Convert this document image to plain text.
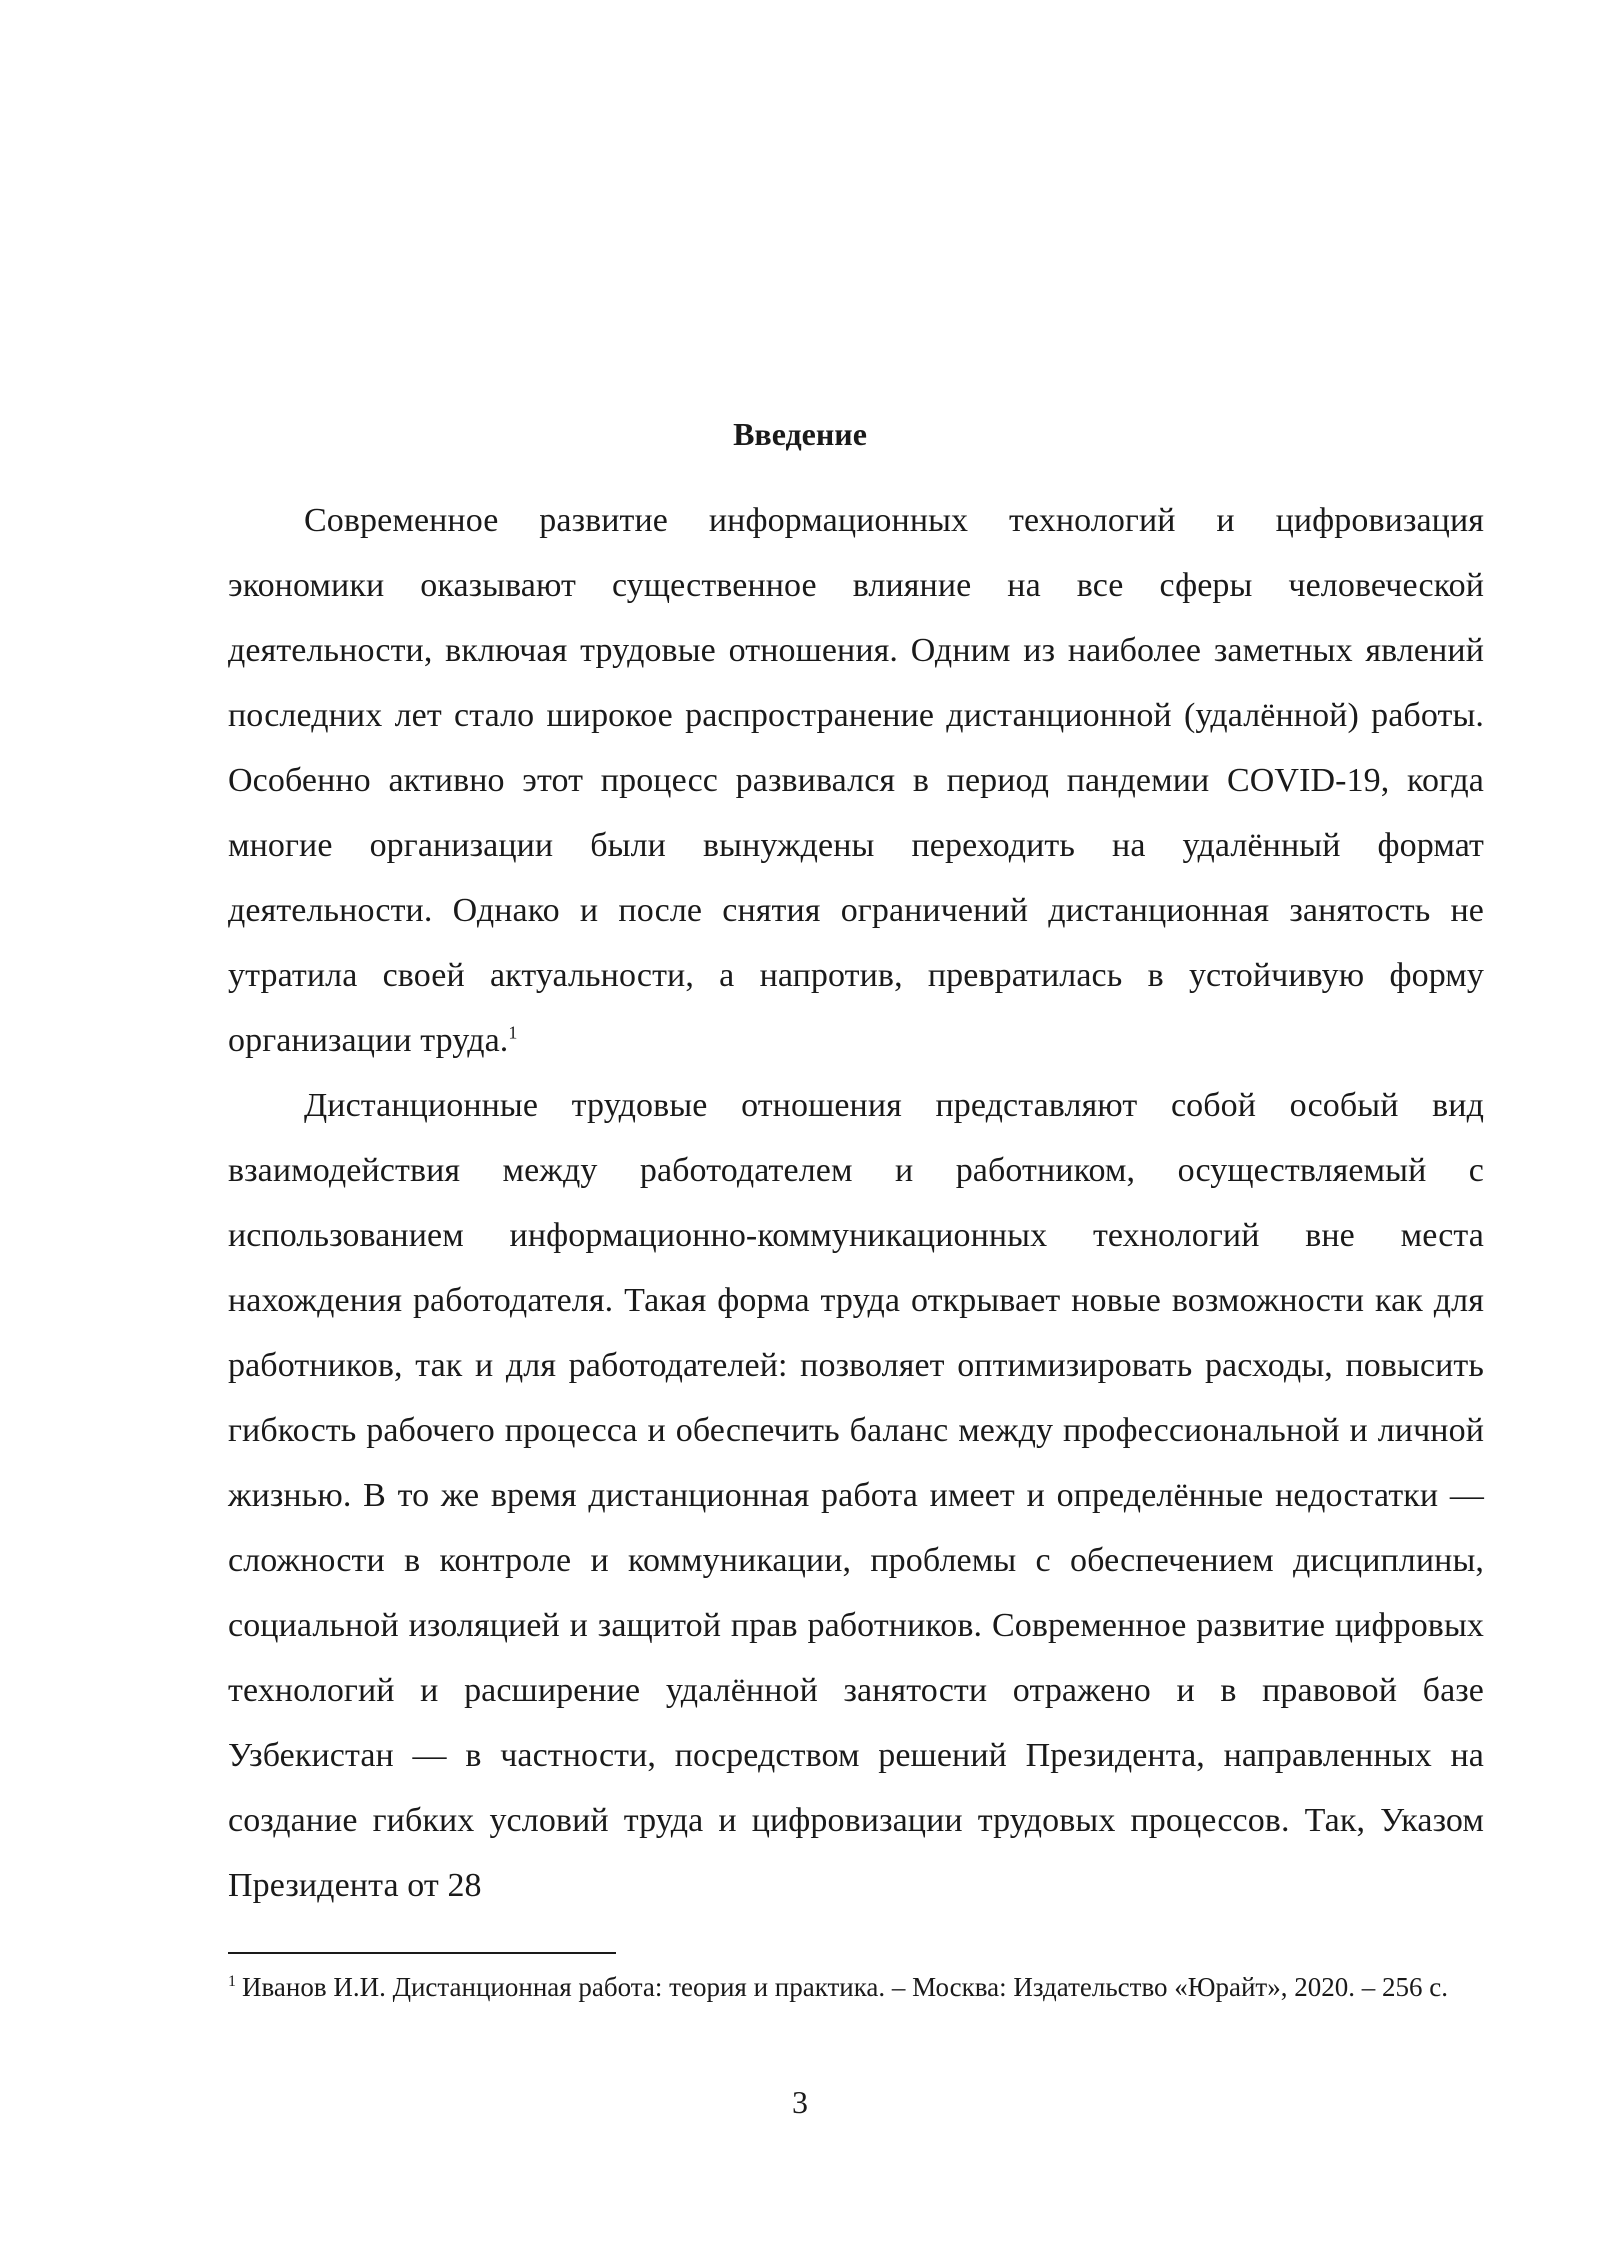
Введение

Современное развитие информационных технологий и цифровизация экономики оказывают существенное влияние на все сферы человеческой деятельности, включая трудовые отношения. Одним из наиболее заметных явлений последних лет стало широкое распространение дистанционной (удалённой) работы. Особенно активно этот процесс развивался в период пандемии COVID-19, когда многие организации были вынуждены переходить на удалённый формат деятельности. Однако и после снятия ограничений дистанционная занятость не утратила своей актуальности, а напротив, превратилась в устойчивую форму организации труда.$^1$

Дистанционные трудовые отношения представляют собой особый вид взаимодействия между работодателем и работником, осуществляемый с использованием информационно-коммуникационных технологий вне места нахождения работодателя. Такая форма труда открывает новые возможности как для работников, так и для работодателей: позволяет оптимизировать расходы, повысить гибкость рабочего процесса и обеспечить баланс между профессиональной и личной жизнью. В то же время дистанционная работа имеет и определённые недостатки — сложности в контроле и коммуникации, проблемы с обеспечением дисциплины, социальной изоляцией и защитой прав работников. Современное развитие цифровых технологий и расширение удалённой занятости отражено и в правовой базе Узбекистан — в частности, посредством решений Президента, направленных на создание гибких условий труда и цифровизации трудовых процессов. Так, Указом Президента от 28

$^1$ Иванов И.И. Дистанционная работа: теория и практика. – Москва: Издательство «Юрайт», 2020. – 256 с.

3
